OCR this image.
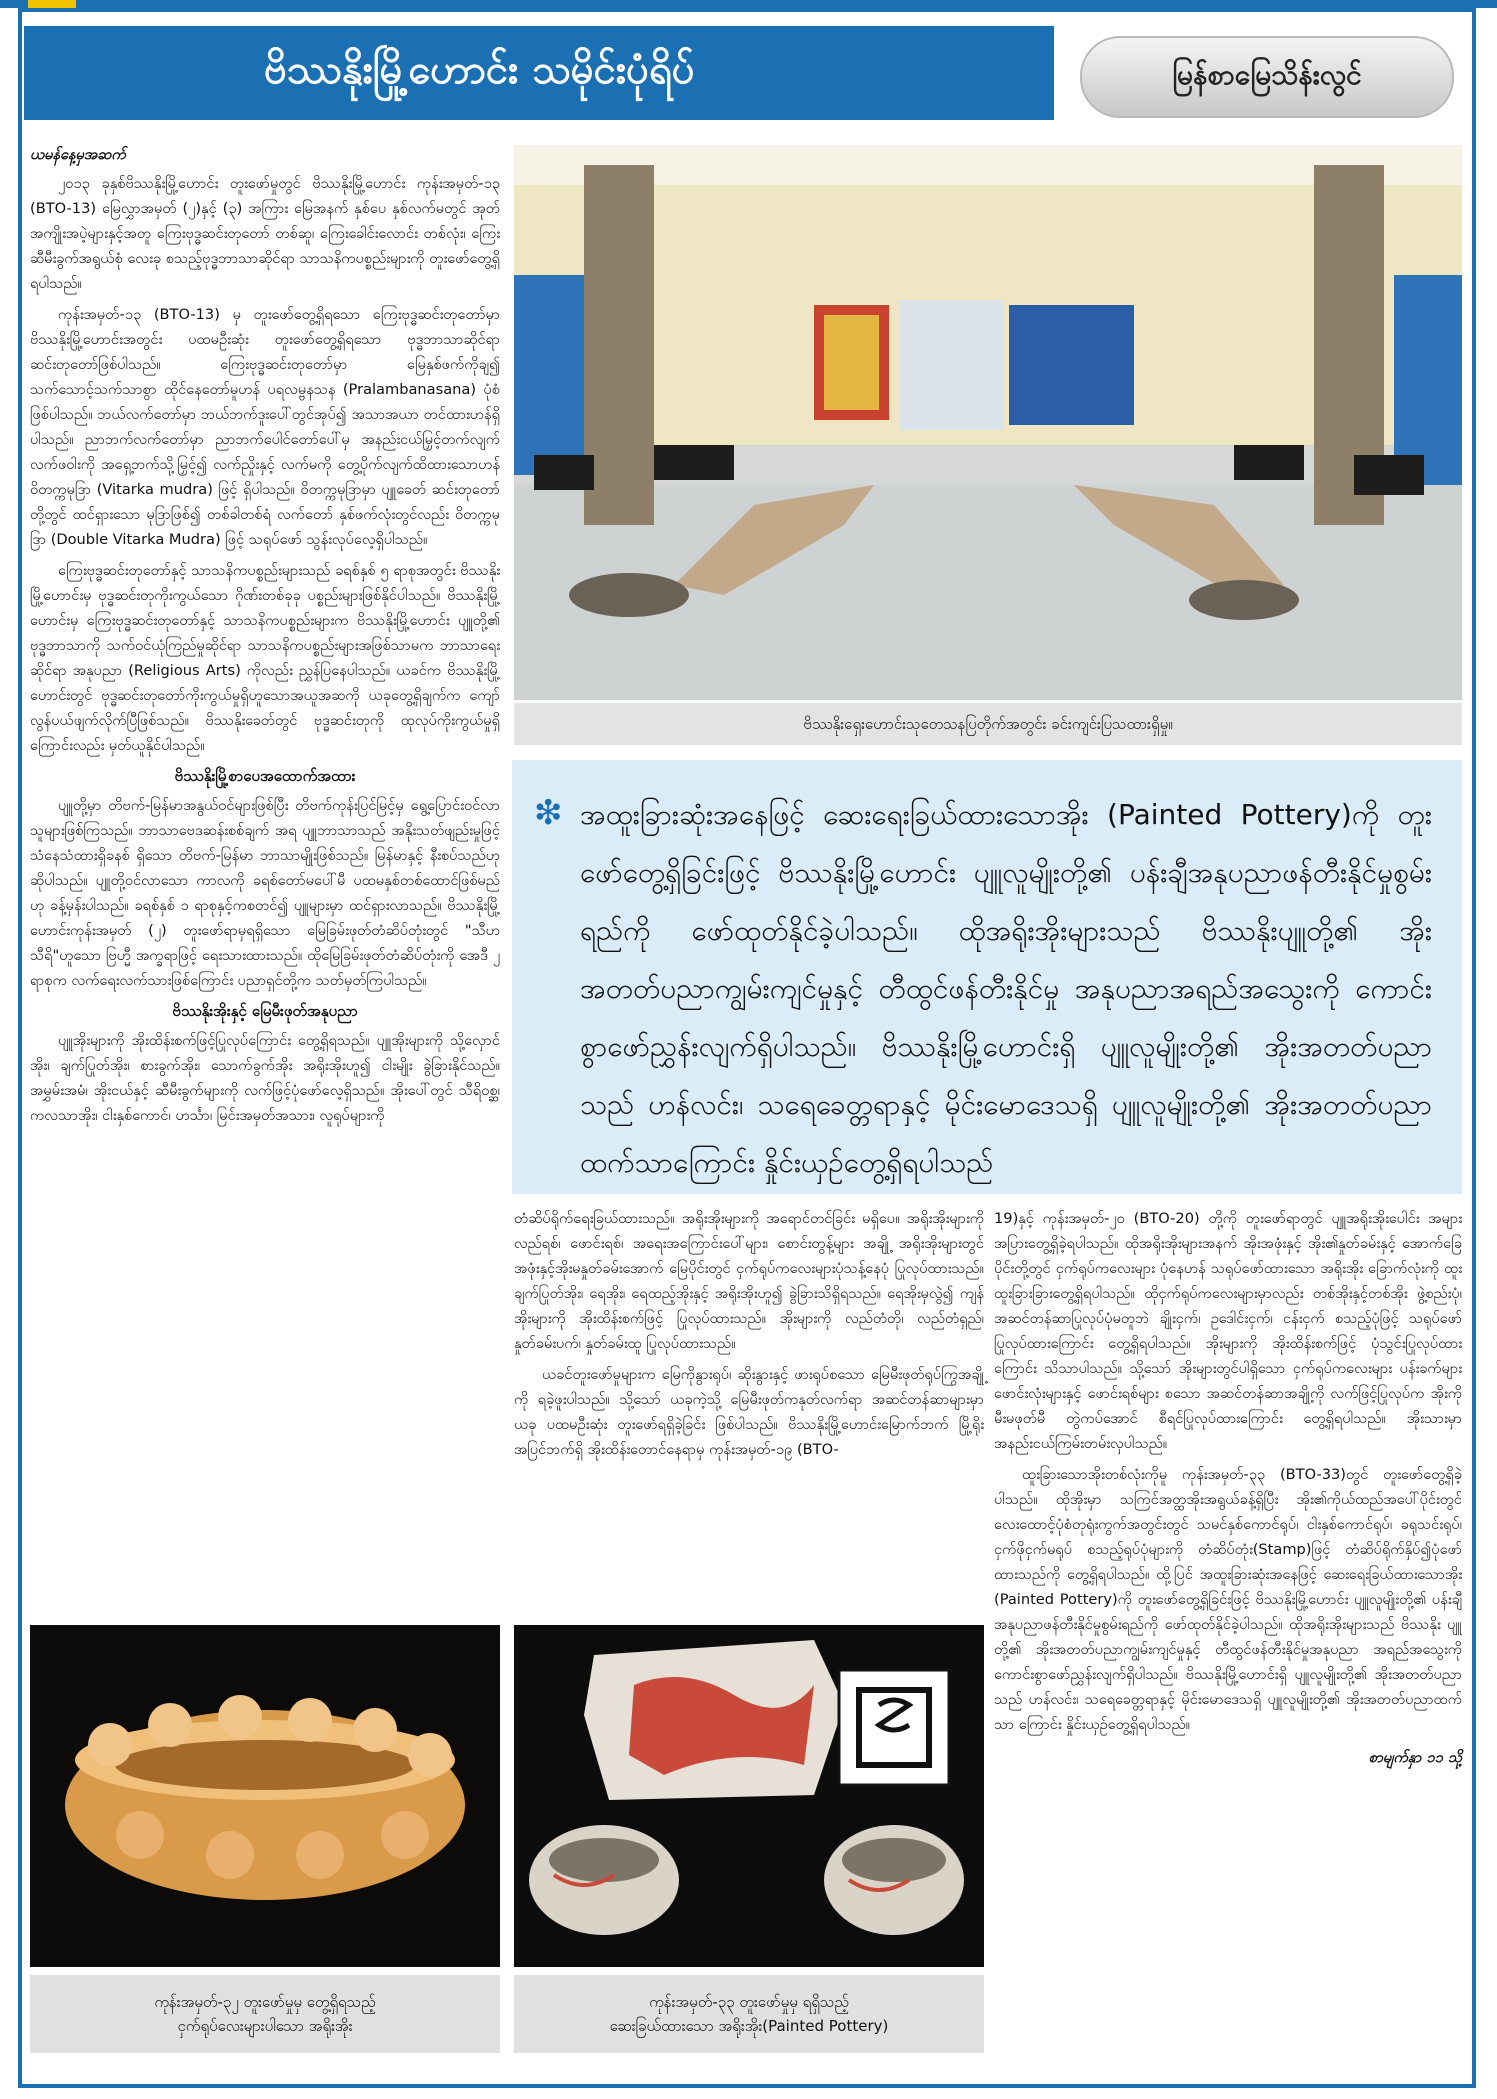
ဗိဿနိုးမြို့ဟောင်း သမိုင်းပုံရိပ်	မြန်စာမြေသိန်းလွင်

ယမန်နေ့မှအဆက်

၂၀၁၃ ခုနှစ်ဗိဿနိုးမြို့ဟောင်း တူးဖော်မှုတွင် ဗိဿနိုးမြို့ဟောင်း ကုန်းအမှတ်-၁၃ (BTO-13) မြေလွှာအမှတ် (၂)နှင့် (၃) အကြား မြေအနက် နှစ်ပေ နှစ်လက်မတွင် အုတ်အကျိုးအပဲ့များနှင့်အတူ ကြေးဗုဒ္ဓဆင်းတုတော် တစ်ဆူ၊ ကြေးခေါင်းလောင်း တစ်လုံး၊ ကြေးဆီမီးခွက်အရွယ်စုံ လေးခု စသည့်ဗုဒ္ဓဘာသာဆိုင်ရာ သာသနိကပစ္စည်းများကို တူးဖော်တွေ့ရှိရပါသည်။

ကုန်းအမှတ်-၁၃ (BTO-13) မှ တူးဖော်တွေ့ရှိရသော ကြေးဗုဒ္ဓဆင်းတုတော်မှာ ဗိဿနိုးမြို့ဟောင်းအတွင်း ပထမဦးဆုံး တူးဖော်တွေ့ရှိရသော ဗုဒ္ဓဘာသာဆိုင်ရာ ဆင်းတုတော်ဖြစ်ပါသည်။ ကြေးဗုဒ္ဓဆင်းတုတော်မှာ မြေနှစ်ဖက်ကိုချ၍ သက်သောင့်သက်သာစွာ ထိုင်နေတော်မူဟန် ပရလမ္ဗနသန (Pralambanasana) ပုံစံဖြစ်ပါသည်။ ဘယ်လက်တော်မှာ ဘယ်ဘက်ဒူးပေါ်တွင်အုပ်၍ အသာအယာ တင်ထားဟန်ရှိပါသည်။ ညာဘက်လက်တော်မှာ ညာဘက်ပေါင်တော်ပေါ်မှ အနည်းငယ်မြှင့်တက်လျက် လက်ဖဝါးကို အရှေ့ဘက်သို့မြှင့်၍ လက်ညှိုးနှင့် လက်မကို တွေ့ပိုက်လျက်ထိထားသောဟန် ဝိတက္ကမုဒြာ (Vitarka mudra) ဖြင့် ရှိပါသည်။ ဝိတက္ကမုဒြာမှာ ပျူခေတ် ဆင်းတုတော်တို့တွင် ထင်ရှားသော မုဒြာဖြစ်၍ တစ်ခါတစ်ရံ လက်တော် နှစ်ဖက်လုံးတွင်လည်း ဝိတက္ကမုဒြာ (Double Vitarka Mudra) ဖြင့် သရုပ်ဖော် သွန်းလုပ်လေ့ရှိပါသည်။

ကြေးဗုဒ္ဓဆင်းတုတော်နှင့် သာသနိကပစ္စည်းများသည် ခရစ်နှစ် ၅ ရာစုအတွင်း ဗိဿနိုးမြို့ဟောင်းမှ ဗုဒ္ဓဆင်းတုကိုးကွယ်သော ဂိုဏ်းတစ်ခုခု ပစ္စည်းများဖြစ်နိုင်ပါသည်။ ဗိဿနိုးမြို့ဟောင်းမှ ကြေးဗုဒ္ဓဆင်းတုတော်နှင့် သာသနိကပစ္စည်းများက ဗိဿနိုးမြို့ဟောင်း ပျူတို့၏ ဗုဒ္ဓဘာသာကို သက်ဝင်ယုံကြည်မှုဆိုင်ရာ သာသနိကပစ္စည်းများအဖြစ်သာမက ဘာသာရေးဆိုင်ရာ အနုပညာ (Religious Arts) ကိုလည်း ညွှန်ပြနေပါသည်။ ယခင်က ဗိဿနိုးမြို့ဟောင်းတွင် ဗုဒ္ဓဆင်းတုတော်ကိုးကွယ်မှုရှိဟူသောအယူအဆကို ယခုတွေ့ရှိချက်က ကျော်လွန်ပယ်ဖျက်လိုက်ပြီဖြစ်သည်။ ဗိဿနိုးခေတ်တွင် ဗုဒ္ဓဆင်းတုကို ထုလုပ်ကိုးကွယ်မှုရှိကြောင်းလည်း မှတ်ယူနိုင်ပါသည်။

ဗိဿနိုးမြို့စာပေအထောက်အထား

ပျူတို့မှာ တိဗက်-မြန်မာအနွယ်ဝင်များဖြစ်ပြီး တိဗက်ကုန်းပြင်မြင့်မှ ရွေ့ပြောင်းဝင်လာသူများဖြစ်ကြသည်။ ဘာသာဗေဒဆန်းစစ်ချက် အရ ပျူဘာသာသည် အနိုးသတ်ဖျည်းမှုဖြင့် သံနေသံထားရှိခနစ် ရှိသော တိဗက်-မြန်မာ ဘာသာမျိုးဖြစ်သည်။ မြန်မာနှင့် နီးစပ်သည်ဟု ဆိုပါသည်။ ပျူတို့ဝင်လာသော ကာလကို ခရစ်တော်မပေါ်မီ ပထမနှစ်တစ်ထောင်ဖြစ်မည်ဟု ခန့်မှန်းပါသည်။ ခရစ်နှစ် ၁ ရာစုနှင့်ကစတင်၍ ပျူများမှာ ထင်ရှားလာသည်။ ဗိဿနိုးမြို့ဟောင်းကုန်းအမှတ် (၂) တူးဖော်ရာမှရရှိသော မြေခြမ်းဖုတ်တံဆိပ်တုံးတွင် "သီဟသီရိ"ဟူသော ဗြဟ္မီ အက္ခရာဖြင့် ရေးသားထားသည်။ ထိုမြေခြမ်းဖုတ်တံဆိပ်တုံးကို အေဒီ ၂ ရာစုက လက်ရေးလက်သားဖြစ်ကြောင်း ပညာရှင်တို့က သတ်မှတ်ကြပါသည်။

ဗိဿနိုးအိုးနှင့် မြေမီးဖုတ်အနုပညာ

ပျူအိုးများကို အိုးထိန်းစက်ဖြင့်ပြုလုပ်ကြောင်း တွေ့ရှိရသည်။ ပျူအိုးများကို သို့လှောင်အိုး၊ ချက်ပြုတ်အိုး၊ စားခွက်အိုး၊ သောက်ခွက်အိုး အရိုးအိုးဟူ၍ ငါးမျိုး ခွဲခြားနိုင်သည်။ အမွှမ်းအမံ၊ အိုးငယ်နှင့် ဆီမီးခွက်များကို လက်ဖြင့်ပုံဖော်လေ့ရှိသည်။ အိုးပေါ်တွင် သီရိဝစ္ဆ၊ ကလသာအိုး၊ ငါးနှစ်ကောင်၊ ဟင်္သာ၊ မြင်းအမှတ်အသား၊ လူရုပ်များကို

ဗိဿနိုးရှေးဟောင်းသုတေသနပြတိုက်အတွင်း ခင်းကျင်းပြသထားရှိမှု။
❇ အထူးခြားဆုံးအနေဖြင့် ဆေးရေးခြယ်ထားသောအိုး (Painted Pottery)ကို တူးဖော်တွေ့ရှိခြင်းဖြင့် ဗိဿနိုးမြို့ဟောင်း ပျူလူမျိုးတို့၏ ပန်းချီအနုပညာဖန်တီးနိုင်မှုစွမ်းရည်ကို ဖော်ထုတ်နိုင်ခဲ့ပါသည်။ ထိုအရိုးအိုးများသည် ဗိဿနိုးပျူတို့၏ အိုးအတတ်ပညာကျွမ်းကျင်မှုနှင့် တီထွင်ဖန်တီးနိုင်မှု အနုပညာအရည်အသွေးကို ကောင်းစွာဖော်ညွှန်းလျက်ရှိပါသည်။ ဗိဿနိုးမြို့ဟောင်းရှိ ပျူလူမျိုးတို့၏ အိုးအတတ်ပညာသည် ဟန်လင်း၊ သရေခေတ္တရာနှင့် မိုင်းမောဒေသရှိ ပျူလူမျိုးတို့၏ အိုးအတတ်ပညာထက်သာကြောင်း နှိုင်းယှဉ်တွေ့ရှိရပါသည်

တံဆိပ်ရိုက်ရေးခြယ်ထားသည်။ အရိုးအိုးများကို အရောင်တင်ခြင်း မရှိပေ။ အရိုးအိုးများကို လည်ရစ်၊ ဖောင်းရစ်၊ အရေးအကြောင်းပေါ်များ၊ စောင်းတွန့်များ အချို့ အရိုးအိုးများတွင် အဖုံးနှင့်အိုးမနှုတ်ခမ်းအောက် မြေပိုင်းတွင် ငှက်ရုပ်ကလေးများပုံသန့်နေပုံ ပြုလုပ်ထားသည်။ ချက်ပြုတ်အိုး၊ ရေအိုး၊ ရေထည့်အိုးနှင့် အရိုးအိုးဟူ၍ ခွဲခြားသိရှိရသည်။ ရေအိုးမှလွဲ၍ ကျန်အိုးများကို အိုးထိန်းစက်ဖြင့် ပြုလုပ်ထားသည်။ အိုးများကို လည်တံတို၊ လည်တံရှည်၊ နှုတ်ခမ်းပက်၊ နှုတ်ခမ်းထူ ပြုလုပ်ထားသည်။

ယခင်တူးဖော်မှုများက မြေကိုနွားရုပ်၊ ဆိုးနွားနှင့် ဖားရုပ်စသော မြေမီးဖုတ်ရုပ်ကြွအချို့ကို ရခဲ့ဖူးပါသည်။ သို့သော် ယခုကဲ့သို့ မြေမီးဖုတ်ကနုတ်လက်ရာ အဆင်တန်ဆာများမှာ ယခု ပထမဦးဆုံး တူးဖော်ရရှိခဲ့ခြင်း ဖြစ်ပါသည်။ ဗိဿနိုးမြို့ဟောင်းမြောက်ဘက် မြို့ရိုးအပြင်ဘက်ရှိ အိုးထိန်းတောင်နေရာမှ ကုန်းအမှတ်-၁၉ (BTO-

19)နှင့် ကုန်းအမှတ်-၂၀ (BTO-20) တို့ကို တူးဖော်ရာတွင် ပျူအရိုးအိုးပေါင်း အများအပြားတွေ့ရှိခဲ့ရပါသည်။ ထိုအရိုးအိုးများအနက် အိုးအဖုံးနှင့် အိုး၏နှုတ်ခမ်းနှင့် အောက်ခြေပိုင်းတို့တွင် ငှက်ရုပ်ကလေးများ ပုံနေဟန် သရုပ်ဖော်ထားသော အရိုးအိုး ခြောက်လုံးကို ထူးထူးခြားခြားတွေ့ရှိရပါသည်။ ထိုငှက်ရုပ်ကလေးများမှာလည်း တစ်အိုးနှင့်တစ်အိုး ဖွဲ့စည်းပုံ၊ အဆင်တန်ဆာပြုလုပ်ပုံမတူဘဲ ချိုးငှက်၊ ဥဒေါင်းငှက်၊ ငန်းငှက် စသည့်ပုံဖြင့် သရုပ်ဖော်ပြုလုပ်ထားကြောင်း တွေ့ရှိရပါသည်။ အိုးများကို အိုးထိန်းစက်ဖြင့် ပုံသွင်းပြုလုပ်ထားကြောင်း သိသာပါသည်။ သို့သော် အိုးများတွင်ပါရှိသော ငှက်ရုပ်ကလေးများ ပန်းခက်များ ဖောင်းလုံးများနှင့် ဖောင်းရစ်များ စသော အဆင်တန်ဆာအချို့ကို လက်ဖြင့်ပြုလုပ်က အိုးကိုမီးမဖုတ်မီ တွဲကပ်အောင် စီရင်ပြုလုပ်ထားကြောင်း တွေ့ရှိရပါသည်။ အိုးသားမှာ အနည်းငယ်ကြမ်းတမ်းလှပါသည်။

ထူးခြားသောအိုးတစ်လုံးကိုမူ ကုန်းအမှတ်-၃၃ (BTO-33)တွင် တူးဖော်တွေ့ရှိခဲ့ပါသည်။ ထိုအိုးမှာ သကြင်အတ္ထအိုးအရွယ်ခန့်ရှိပြီး အိုး၏ကိုယ်ထည်အပေါ်ပိုင်းတွင် လေးထောင့်ပုံစံတုရုံးကွက်အတွင်းတွင် သမင်နှစ်ကောင်ရုပ်၊ ငါးနှစ်ကောင်ရုပ်၊ ခရုသင်းရုပ်၊ ငှက်ဖိုငှက်မရုပ် စသည့်ရုပ်ပုံများကို တံဆိပ်တုံး(Stamp)ဖြင့် တံဆိပ်ရိုက်နှိပ်၍ပုံဖော်ထားသည်ကို တွေ့ရှိရပါသည်။ ထို့ပြင် အထူးခြားဆုံးအနေဖြင့် ဆေးရေးခြယ်ထားသောအိုး (Painted Pottery)ကို တူးဖော်တွေ့ရှိခြင်းဖြင့် ဗိဿနိုးမြို့ဟောင်း ပျူလူမျိုးတို့၏ ပန်းချီအနုပညာဖန်တီးနိုင်မှုစွမ်းရည်ကို ဖော်ထုတ်နိုင်ခဲ့ပါသည်။ ထိုအရိုးအိုးများသည် ဗိဿနိုး ပျူတို့၏ အိုးအတတ်ပညာကျွမ်းကျင်မှုနှင့် တီထွင်ဖန်တီးနိုင်မှုအနုပညာ အရည်အသွေးကို ကောင်းစွာဖော်ညွှန်းလျက်ရှိပါသည်။ ဗိဿနိုးမြို့ဟောင်းရှိ ပျူလူမျိုးတို့၏ အိုးအတတ်ပညာသည် ဟန်လင်း၊ သရေခေတ္တရာနှင့် မိုင်းမောဒေသရှိ ပျူလူမျိုးတို့၏ အိုးအတတ်ပညာထက်သာ ကြောင်း နှိုင်းယှဉ်တွေ့ရှိရပါသည်။

စာမျက်နှာ ၁၁ သို့

ကုန်းအမှတ်-၃၂ တူးဖော်မှုမှ တွေ့ရှိရသည့်
ငှက်ရုပ်လေးများပါသော အရိုးအိုး
ကုန်းအမှတ်-၃၃ တူးဖော်မှုမှ ရရှိသည့်
ဆေးခြယ်ထားသော အရိုးအိုး(Painted Pottery)
